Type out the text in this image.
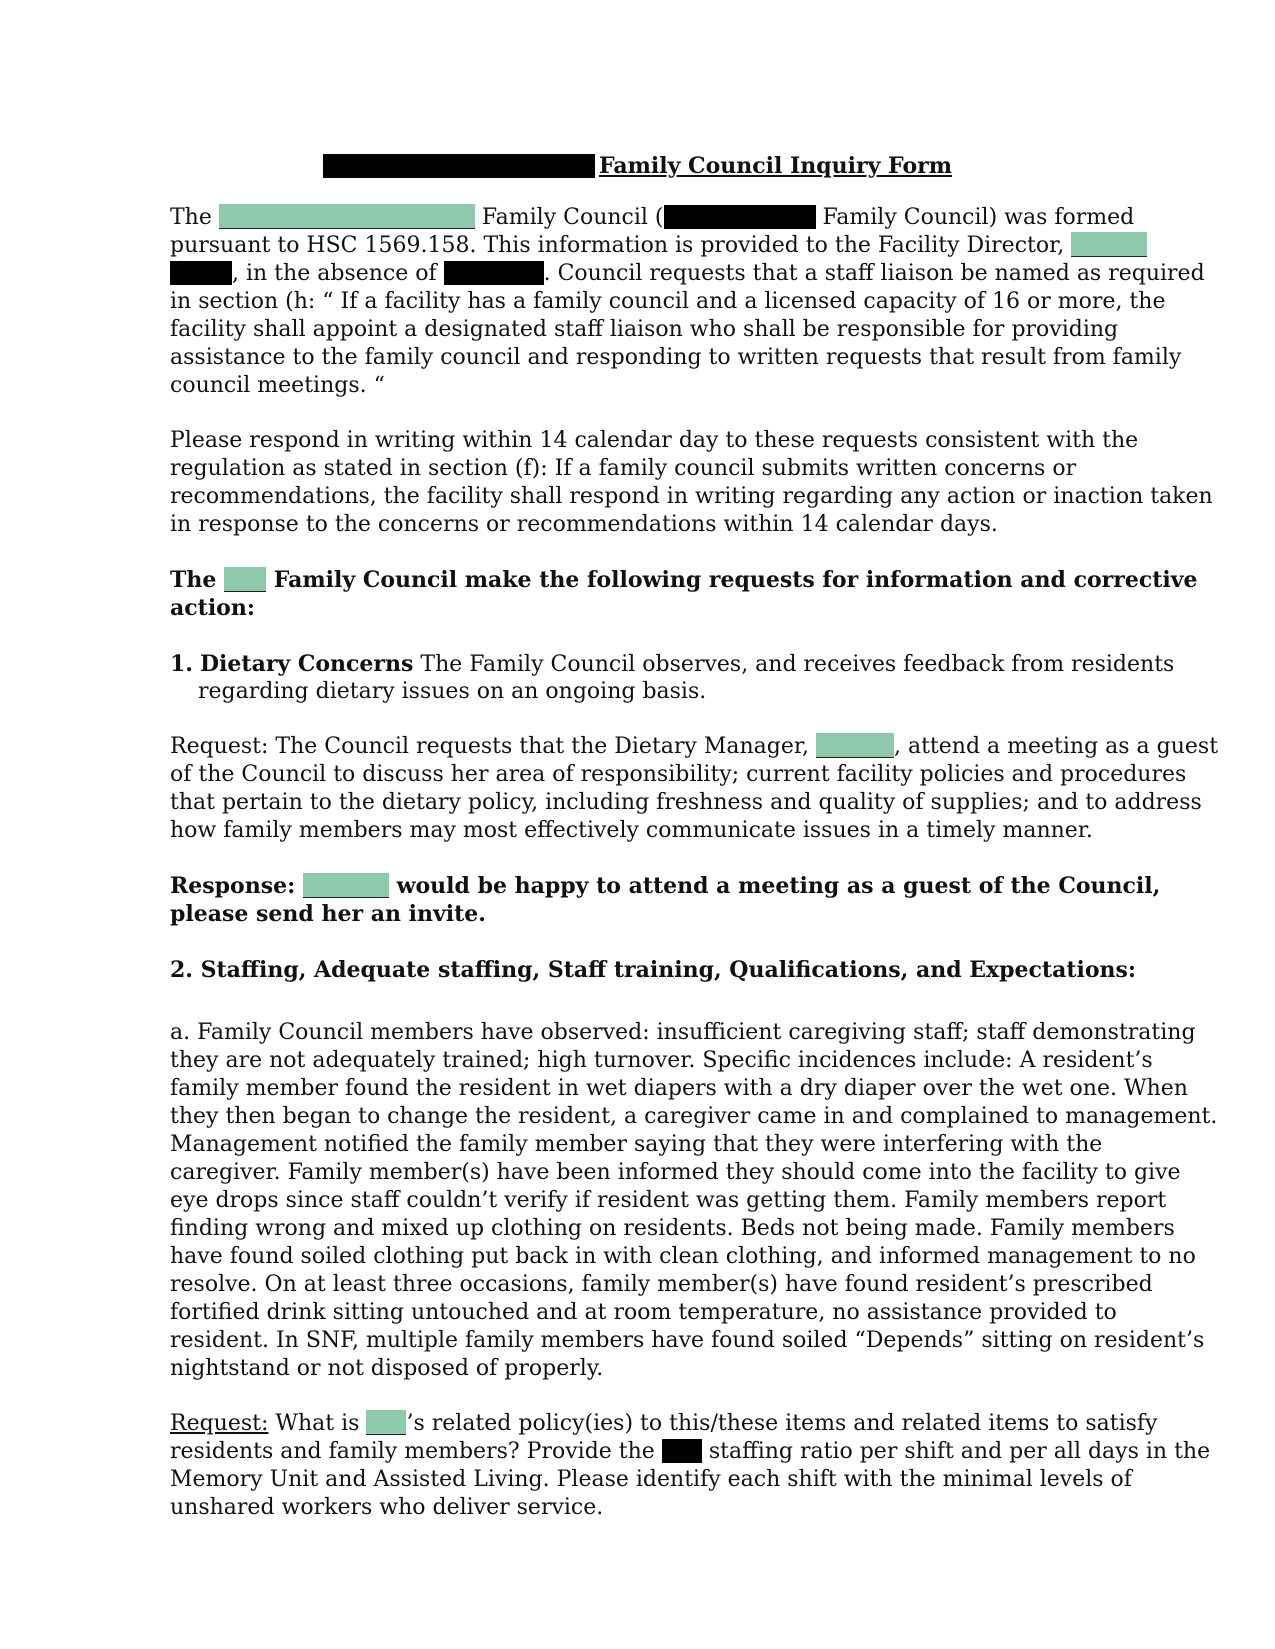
Family Council Inquiry Form
The	Family Council (	Family Council) was formed
pursuant to HSC 1569.158. This information is provided to the Facility Director,
, in the absence of	. Council requests that a staff liaison be named as required
in section (h: “ If a facility has a family council and a licensed capacity of 16 or more, the
facility shall appoint a designated staff liaison who shall be responsible for providing
assistance to the family council and responding to written requests that result from family
council meetings. “
Please respond in writing within 14 calendar day to these requests consistent with the
regulation as stated in section (f): If a family council submits written concerns or
recommendations, the facility shall respond in writing regarding any action or inaction taken
in response to the concerns or recommendations within 14 calendar days.
The	Family Council make the following requests for information and corrective
action:
1. Dietary Concerns The Family Council observes, and receives feedback from residents
regarding dietary issues on an ongoing basis.
Request: The Council requests that the Dietary Manager,	, attend a meeting as a guest
of the Council to discuss her area of responsibility; current facility policies and procedures
that pertain to the dietary policy, including freshness and quality of supplies; and to address
how family members may most effectively communicate issues in a timely manner.
Response:	would be happy to attend a meeting as a guest of the Council,
please send her an invite.
2. Staffing, Adequate staffing, Staff training, Qualifications, and Expectations:
a. Family Council members have observed: insufficient caregiving staff; staff demonstrating
they are not adequately trained; high turnover. Specific incidences include: A resident’s
family member found the resident in wet diapers with a dry diaper over the wet one. When
they then began to change the resident, a caregiver came in and complained to management.
Management notified the family member saying that they were interfering with the
caregiver. Family member(s) have been informed they should come into the facility to give
eye drops since staff couldn’t verify if resident was getting them. Family members report
finding wrong and mixed up clothing on residents. Beds not being made. Family members
have found soiled clothing put back in with clean clothing, and informed management to no
resolve. On at least three occasions, family member(s) have found resident’s prescribed
fortified drink sitting untouched and at room temperature, no assistance provided to
resident. In SNF, multiple family members have found soiled “Depends” sitting on resident’s
nightstand or not disposed of properly.
Request: What is ’s related policy(ies) to this/these items and related items to satisfy
residents and family members? Provide the  staffing ratio per shift and per all days in the
Memory Unit and Assisted Living. Please identify each shift with the minimal levels of
unshared workers who deliver service.
